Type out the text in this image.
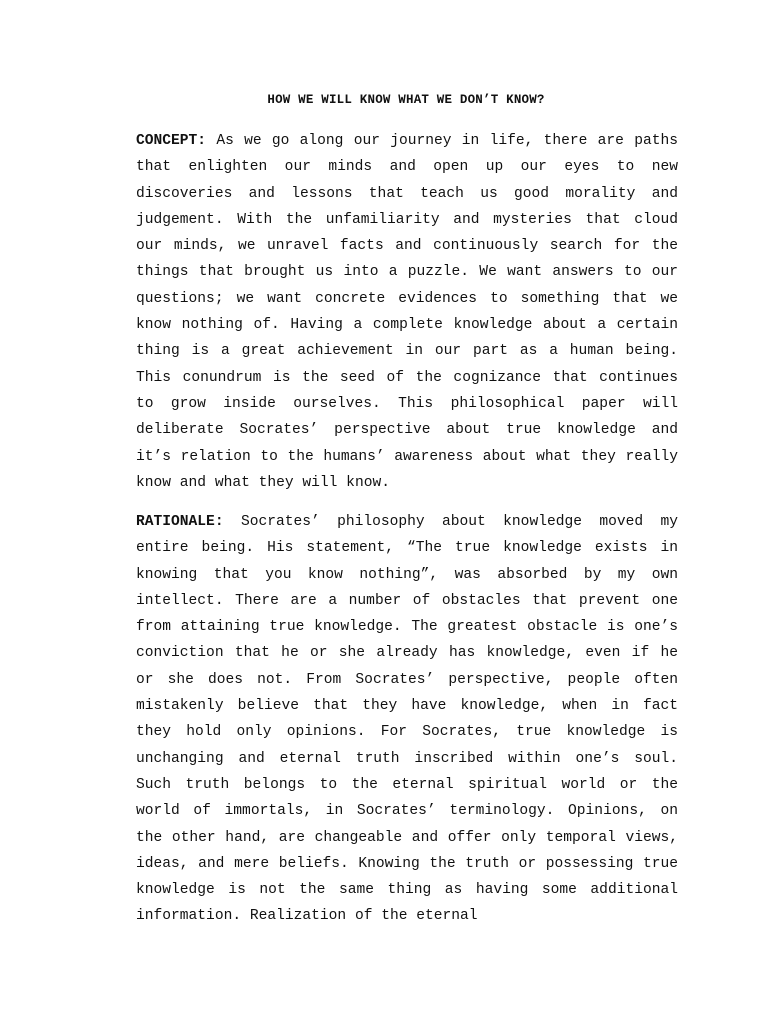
HOW WE WILL KNOW WHAT WE DON’T KNOW?

CONCEPT: As we go along our journey in life, there are paths that enlighten our minds and open up our eyes to new discoveries and lessons that teach us good morality and judgement. With the unfamiliarity and mysteries that cloud our minds, we unravel facts and continuously search for the things that brought us into a puzzle. We want answers to our questions; we want concrete evidences to something that we know nothing of. Having a complete knowledge about a certain thing is a great achievement in our part as a human being. This conundrum is the seed of the cognizance that continues to grow inside ourselves. This philosophical paper will deliberate Socrates’ perspective about true knowledge and it’s relation to the humans’ awareness about what they really know and what they will know.

RATIONALE: Socrates’ philosophy about knowledge moved my entire being. His statement, “The true knowledge exists in knowing that you know nothing”, was absorbed by my own intellect. There are a number of obstacles that prevent one from attaining true knowledge. The greatest obstacle is one’s conviction that he or she already has knowledge, even if he or she does not. From Socrates’ perspective, people often mistakenly believe that they have knowledge, when in fact they hold only opinions. For Socrates, true knowledge is unchanging and eternal truth inscribed within one’s soul. Such truth belongs to the eternal spiritual world or the world of immortals, in Socrates’ terminology. Opinions, on the other hand, are changeable and offer only temporal views, ideas, and mere beliefs. Knowing the truth or possessing true knowledge is not the same thing as having some additional information. Realization of the eternal
